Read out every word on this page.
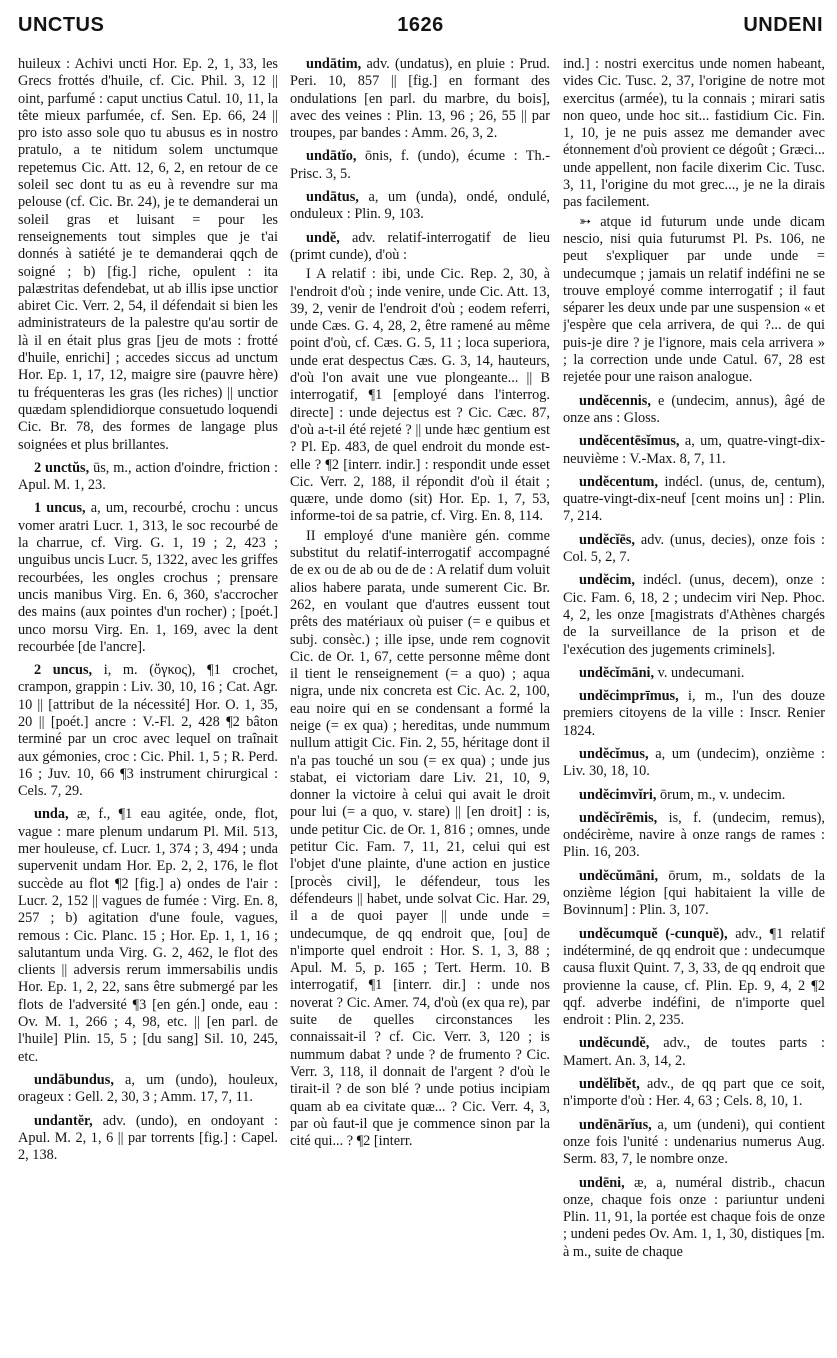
UNCTUS	1626	UNDENI

huileux : Achivi uncti Hor. Ep. 2, 1, 33, les Grecs frottés d'huile, cf. Cic. Phil. 3, 12 || oint, parfumé : caput unctius Catul. 10, 11, la tête mieux parfumée, cf. Sen. Ep. 66, 24 || pro isto asso sole quo tu abusus es in nostro pratulo, a te nitidum solem unctumque repetemus Cic. Att. 12, 6, 2, en retour de ce soleil sec dont tu as eu à revendre sur ma pelouse (cf. Cic. Br. 24), je te demanderai un soleil gras et luisant = pour les renseignements tout simples que je t'ai donnés à satiété je te demanderai qqch de soigné ; b) [fig.] riche, opulent : ita palæstritas defendebat, ut ab illis ipse unctior abiret Cic. Verr. 2, 54, il défendait si bien les administrateurs de la palestre qu'au sortir de là il en était plus gras [jeu de mots : frotté d'huile, enrichi] ; accedes siccus ad unctum Hor. Ep. 1, 17, 12, maigre sire (pauvre hère) tu fréquenteras les gras (les riches) || unctior quædam splendidiorque consuetudo loquendi Cic. Br. 78, des formes de langage plus soignées et plus brillantes.

2 unctŭs, ūs, m., action d'oindre, friction : Apul. M. 1, 23.

1 uncus, a, um, recourbé, crochu : uncus vomer aratri Lucr. 1, 313, le soc recourbé de la charrue, cf. Virg. G. 1, 19 ; 2, 423 ; unguibus uncis Lucr. 5, 1322, avec les griffes recourbées, les ongles crochus ; prensare uncis manibus Virg. En. 6, 360, s'accrocher des mains (aux pointes d'un rocher) ; [poét.] unco morsu Virg. En. 1, 169, avec la dent recourbée [de l'ancre].

2 uncus, i, m. (ὄγκος), ¶1 crochet, crampon, grappin : Liv. 30, 10, 16 ; Cat. Agr. 10 || [attribut de la nécessité] Hor. O. 1, 35, 20 || [poét.] ancre : V.-Fl. 2, 428 ¶2 bâton terminé par un croc avec lequel on traînait aux gémonies, croc : Cic. Phil. 1, 5 ; R. Perd. 16 ; Juv. 10, 66 ¶3 instrument chirurgical : Cels. 7, 29.

unda, æ, f., ¶1 eau agitée, onde, flot, vague : mare plenum undarum Pl. Mil. 513, mer houleuse, cf. Lucr. 1, 374 ; 3, 494 ; unda supervenit undam Hor. Ep. 2, 2, 176, le flot succède au flot ¶2 [fig.] a) ondes de l'air : Lucr. 2, 152 || vagues de fumée : Virg. En. 8, 257 ; b) agitation d'une foule, vagues, remous : Cic. Planc. 15 ; Hor. Ep. 1, 1, 16 ; salutantum unda Virg. G. 2, 462, le flot des clients || adversis rerum immersabilis undis Hor. Ep. 1, 2, 22, sans être submergé par les flots de l'adversité ¶3 [en gén.] onde, eau : Ov. M. 1, 266 ; 4, 98, etc. || [en parl. de l'huile] Plin. 15, 5 ; [du sang] Sil. 10, 245, etc.

undābundus, a, um (undo), houleux, orageux : Gell. 2, 30, 3 ; Amm. 17, 7, 11.

undantĕr, adv. (undo), en ondoyant : Apul. M. 2, 1, 6 || par torrents [fig.] : Capel. 2, 138.

undātim, adv. (undatus), en pluie : Prud. Peri. 10, 857 || [fig.] en formant des ondulations [en parl. du marbre, du bois], avec des veines : Plin. 13, 96 ; 26, 55 || par troupes, par bandes : Amm. 26, 3, 2.

undātĭo, ōnis, f. (undo), écume : Th.-Prisc. 3, 5.

undātus, a, um (unda), ondé, ondulé, onduleux : Plin. 9, 103.

undĕ, adv. relatif-interrogatif de lieu (primt cunde), d'où :

I A relatif : ibi, unde Cic. Rep. 2, 30, à l'endroit d'où ; inde venire, unde Cic. Att. 13, 39, 2, venir de l'endroit d'où ; eodem referri, unde Cæs. G. 4, 28, 2, être ramené au même point d'où, cf. Cæs. G. 5, 11 ; loca superiora, unde erat despectus Cæs. G. 3, 14, hauteurs, d'où l'on avait une vue plongeante... || B interrogatif, ¶1 [employé dans l'interrog. directe] : unde dejectus est ? Cic. Cæc. 87, d'où a-t-il été rejeté ? || unde hæc gentium est ? Pl. Ep. 483, de quel endroit du monde est-elle ? ¶2 [interr. indir.] : respondit unde esset Cic. Verr. 2, 188, il répondit d'où il était ; quære, unde domo (sit) Hor. Ep. 1, 7, 53, informe-toi de sa patrie, cf. Virg. En. 8, 114.

II employé d'une manière gén. comme substitut du relatif-interrogatif accompagné de ex ou de ab ou de de : A relatif dum voluit alios habere parata, unde sumerent Cic. Br. 262, en voulant que d'autres eussent tout prêts des matériaux où puiser (= e quibus et subj. consèc.) ; ille ipse, unde rem cognovit Cic. de Or. 1, 67, cette personne même dont il tient le renseignement (= a quo) ; aqua nigra, unde nix concreta est Cic. Ac. 2, 100, eau noire qui en se condensant a formé la neige (= ex qua) ; hereditas, unde nummum nullum attigit Cic. Fin. 2, 55, héritage dont il n'a pas touché un sou (= ex qua) ; unde jus stabat, ei victoriam dare Liv. 21, 10, 9, donner la victoire à celui qui avait le droit pour lui (= a quo, v. stare) || [en droit] : is, unde petitur Cic. de Or. 1, 816 ; omnes, unde petitur Cic. Fam. 7, 11, 21, celui qui est l'objet d'une plainte, d'une action en justice [procès civil], le défendeur, tous les défendeurs || habet, unde solvat Cic. Har. 29, il a de quoi payer || unde unde = undecumque, de qq endroit que, [ou] de n'importe quel endroit : Hor. S. 1, 3, 88 ; Apul. M. 5, p. 165 ; Tert. Herm. 10. B interrogatif, ¶1 [interr. dir.] : unde nos noverat ? Cic. Amer. 74, d'où (ex qua re), par suite de quelles circonstances les connaissait-il ? cf. Cic. Verr. 3, 120 ; is nummum dabat ? unde ? de frumento ? Cic. Verr. 3, 118, il donnait de l'argent ? d'où le tirait-il ? de son blé ? unde potius incipiam quam ab ea civitate quæ... ? Cic. Verr. 4, 3, par où faut-il que je commence sinon par la cité qui... ? ¶2 [interr.

ind.] : nostri exercitus unde nomen habeant, vides Cic. Tusc. 2, 37, l'origine de notre mot exercitus (armée), tu la connais ; mirari satis non queo, unde hoc sit... fastidium Cic. Fin. 1, 10, je ne puis assez me demander avec étonnement d'où provient ce dégoût ; Græci... unde appellent, non facile dixerim Cic. Tusc. 3, 11, l'origine du mot grec..., je ne la dirais pas facilement.

➳ atque id futurum unde unde dicam nescio, nisi quia futurumst Pl. Ps. 106, ne peut s'expliquer par unde unde = undecumque ; jamais un relatif indéfini ne se trouve employé comme interrogatif ; il faut séparer les deux unde par une suspension « et j'espère que cela arrivera, de qui ?... de qui puis-je dire ? je l'ignore, mais cela arrivera » ; la correction unde unde Catul. 67, 28 est rejetée pour une raison analogue.

undĕcennis, e (undecim, annus), âgé de onze ans : Gloss.

undĕcentēsĭmus, a, um, quatre-vingt-dix-neuvième : V.-Max. 8, 7, 11.

undĕcentum, indécl. (unus, de, centum), quatre-vingt-dix-neuf [cent moins un] : Plin. 7, 214.

undĕcĭēs, adv. (unus, decies), onze fois : Col. 5, 2, 7.

undĕcim, indécl. (unus, decem), onze : Cic. Fam. 6, 18, 2 ; undecim viri Nep. Phoc. 4, 2, les onze [magistrats d'Athènes chargés de la surveillance de la prison et de l'exécution des jugements criminels].

undĕcĭmāni, v. undecumani.

undĕcimprīmus, i, m., l'un des douze premiers citoyens de la ville : Inscr. Renier 1824.

undĕcĭmus, a, um (undecim), onzième : Liv. 30, 18, 10.

undĕcimvĭri, ōrum, m., v. undecim.

undĕcĭrēmis, is, f. (undecim, remus), ondécirème, navire à onze rangs de rames : Plin. 16, 203.

undĕcŭmāni, ōrum, m., soldats de la onzième légion [qui habitaient la ville de Bovinnum] : Plin. 3, 107.

undĕcumquĕ (-cunquĕ), adv., ¶1 relatif indéterminé, de qq endroit que : undecumque causa fluxit Quint. 7, 3, 33, de qq endroit que provienne la cause, cf. Plin. Ep. 9, 4, 2 ¶2 qqf. adverbe indéfini, de n'importe quel endroit : Plin. 2, 235.

undĕcundĕ, adv., de toutes parts : Mamert. An. 3, 14, 2.

undĕlībĕt, adv., de qq part que ce soit, n'importe d'où : Her. 4, 63 ; Cels. 8, 10, 1.

undēnārĭus, a, um (undeni), qui contient onze fois l'unité : undenarius numerus Aug. Serm. 83, 7, le nombre onze.

undēni, æ, a, numéral distrib., chacun onze, chaque fois onze : pariuntur undeni Plin. 11, 91, la portée est chaque fois de onze ; undeni pedes Ov. Am. 1, 1, 30, distiques [m. à m., suite de chaque
